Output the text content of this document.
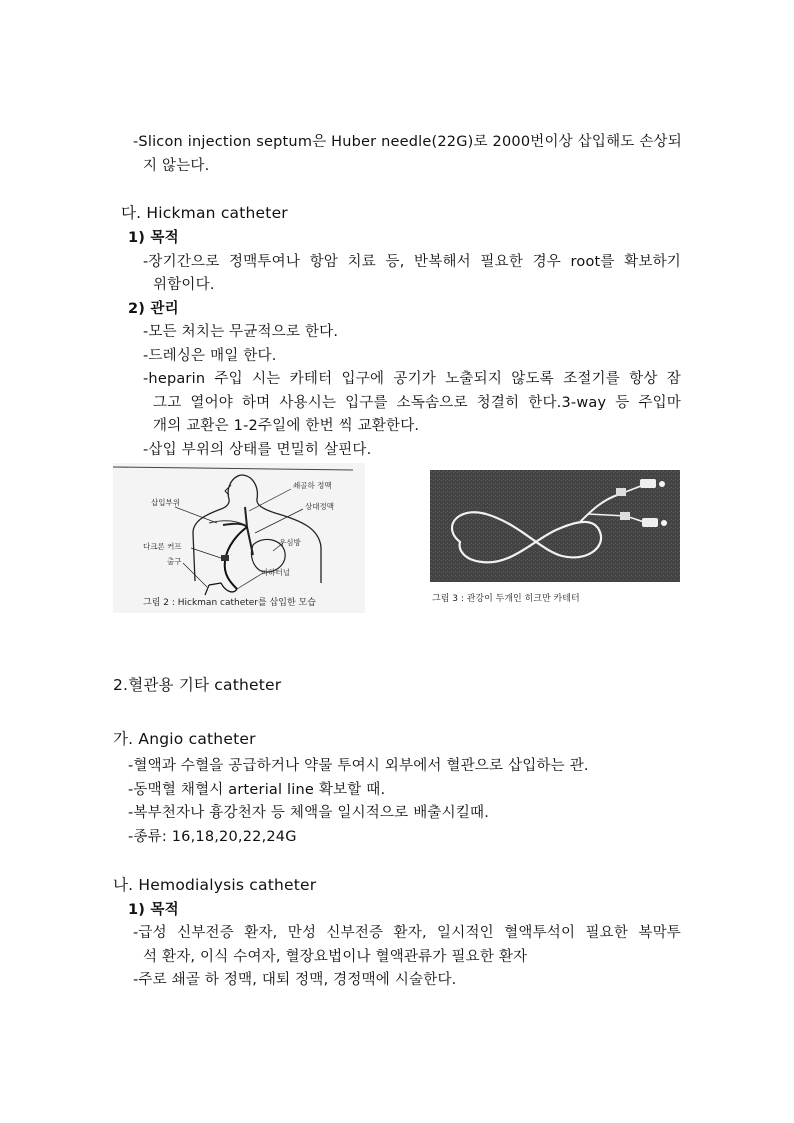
-Slicon injection septum은 Huber needle(22G)로 2000번이상 삽입해도 손상되
지 않는다.
다. Hickman catheter
1) 목적
-장기간으로 정맥투여나 항암 치료 등, 반복해서 필요한 경우 root를 확보하기
위함이다.
2) 관리
-모든 처치는 무균적으로 한다.
-드레싱은 매일 한다.
-heparin 주입 시는 카테터 입구에 공기가 노출되지 않도록 조절기를 항상 잠
그고 열어야 하며 사용시는 입구를 소독솜으로 청결히 한다.3-way 등 주입마
개의 교환은 1-2주일에 한번 씩 교환한다.
-삽입 부위의 상태를 면밀히 살핀다.
삽입부위
쇄골하 정맥
상대정맥
다크론 커프
출구
우심방
피하터널
그림 2 : Hickman catheter를 삽입한 모습	그림 3 : 관강이 두개인 히크만 카테터
2.혈관용 기타 catheter
가. Angio catheter
-혈액과 수혈을 공급하거나 약물 투여시 외부에서 혈관으로 삽입하는 관.
-동맥혈 채혈시 arterial line 확보할 때.
-복부천자나 흉강천자 등 체액을 일시적으로 배출시킬때.
-종류: 16,18,20,22,24G
나. Hemodialysis catheter
1) 목적
-급성 신부전증 환자, 만성 신부전증 환자, 일시적인 혈액투석이 필요한 복막투
석 환자, 이식 수여자, 혈장요법이나 혈액관류가 필요한 환자
-주로 쇄골 하 정맥, 대퇴 정맥, 경정맥에 시술한다.
